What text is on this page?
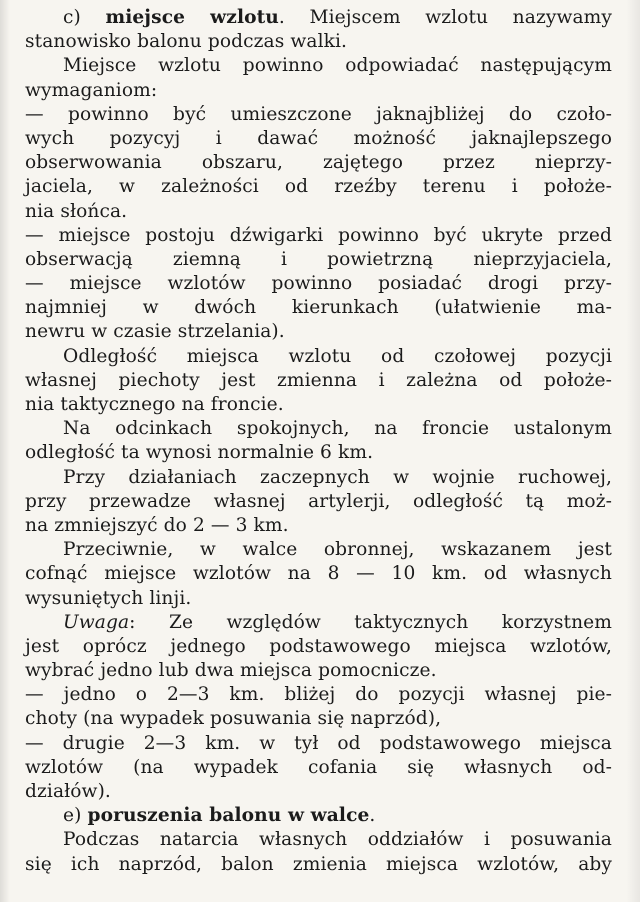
c) miejsce wzlotu. Miejscem wzlotu nazywamy
stanowisko balonu podczas walki.
Miejsce wzlotu powinno odpowiadać następującym
wymaganiom:
— powinno być umieszczone jaknajbliżej do czoło-
wych pozycyj i dawać możność jaknajlepszego
obserwowania obszaru, zajętego przez nieprzy-
jaciela, w zależności od rzeźby terenu i położe-
nia słońca.
— miejsce postoju dźwigarki powinno być ukryte przed
obserwacją ziemną i powietrzną nieprzyjaciela,
— miejsce wzlotów powinno posiadać drogi przy-
najmniej w dwóch kierunkach (ułatwienie ma-
newru w czasie strzelania).
Odległość miejsca wzlotu od czołowej pozycji
własnej piechoty jest zmienna i zależna od położe-
nia taktycznego na froncie.
Na odcinkach spokojnych, na froncie ustalonym
odległość ta wynosi normalnie 6 km.
Przy działaniach zaczepnych w wojnie ruchowej,
przy przewadze własnej artylerji, odległość tą moż-
na zmniejszyć do 2 — 3 km.
Przeciwnie, w walce obronnej, wskazanem jest
cofnąć miejsce wzlotów na 8 — 10 km. od własnych
wysuniętych linji.
Uwaga: Ze względów taktycznych korzystnem
jest oprócz jednego podstawowego miejsca wzlotów,
wybrać jedno lub dwa miejsca pomocnicze.
— jedno o 2—3 km. bliżej do pozycji własnej pie-
choty (na wypadek posuwania się naprzód),
— drugie 2—3 km. w tył od podstawowego miejsca
wzlotów (na wypadek cofania się własnych od-
działów).
e) poruszenia balonu w walce.
Podczas natarcia własnych oddziałów i posuwania
się ich naprzód, balon zmienia miejsca wzlotów, aby
